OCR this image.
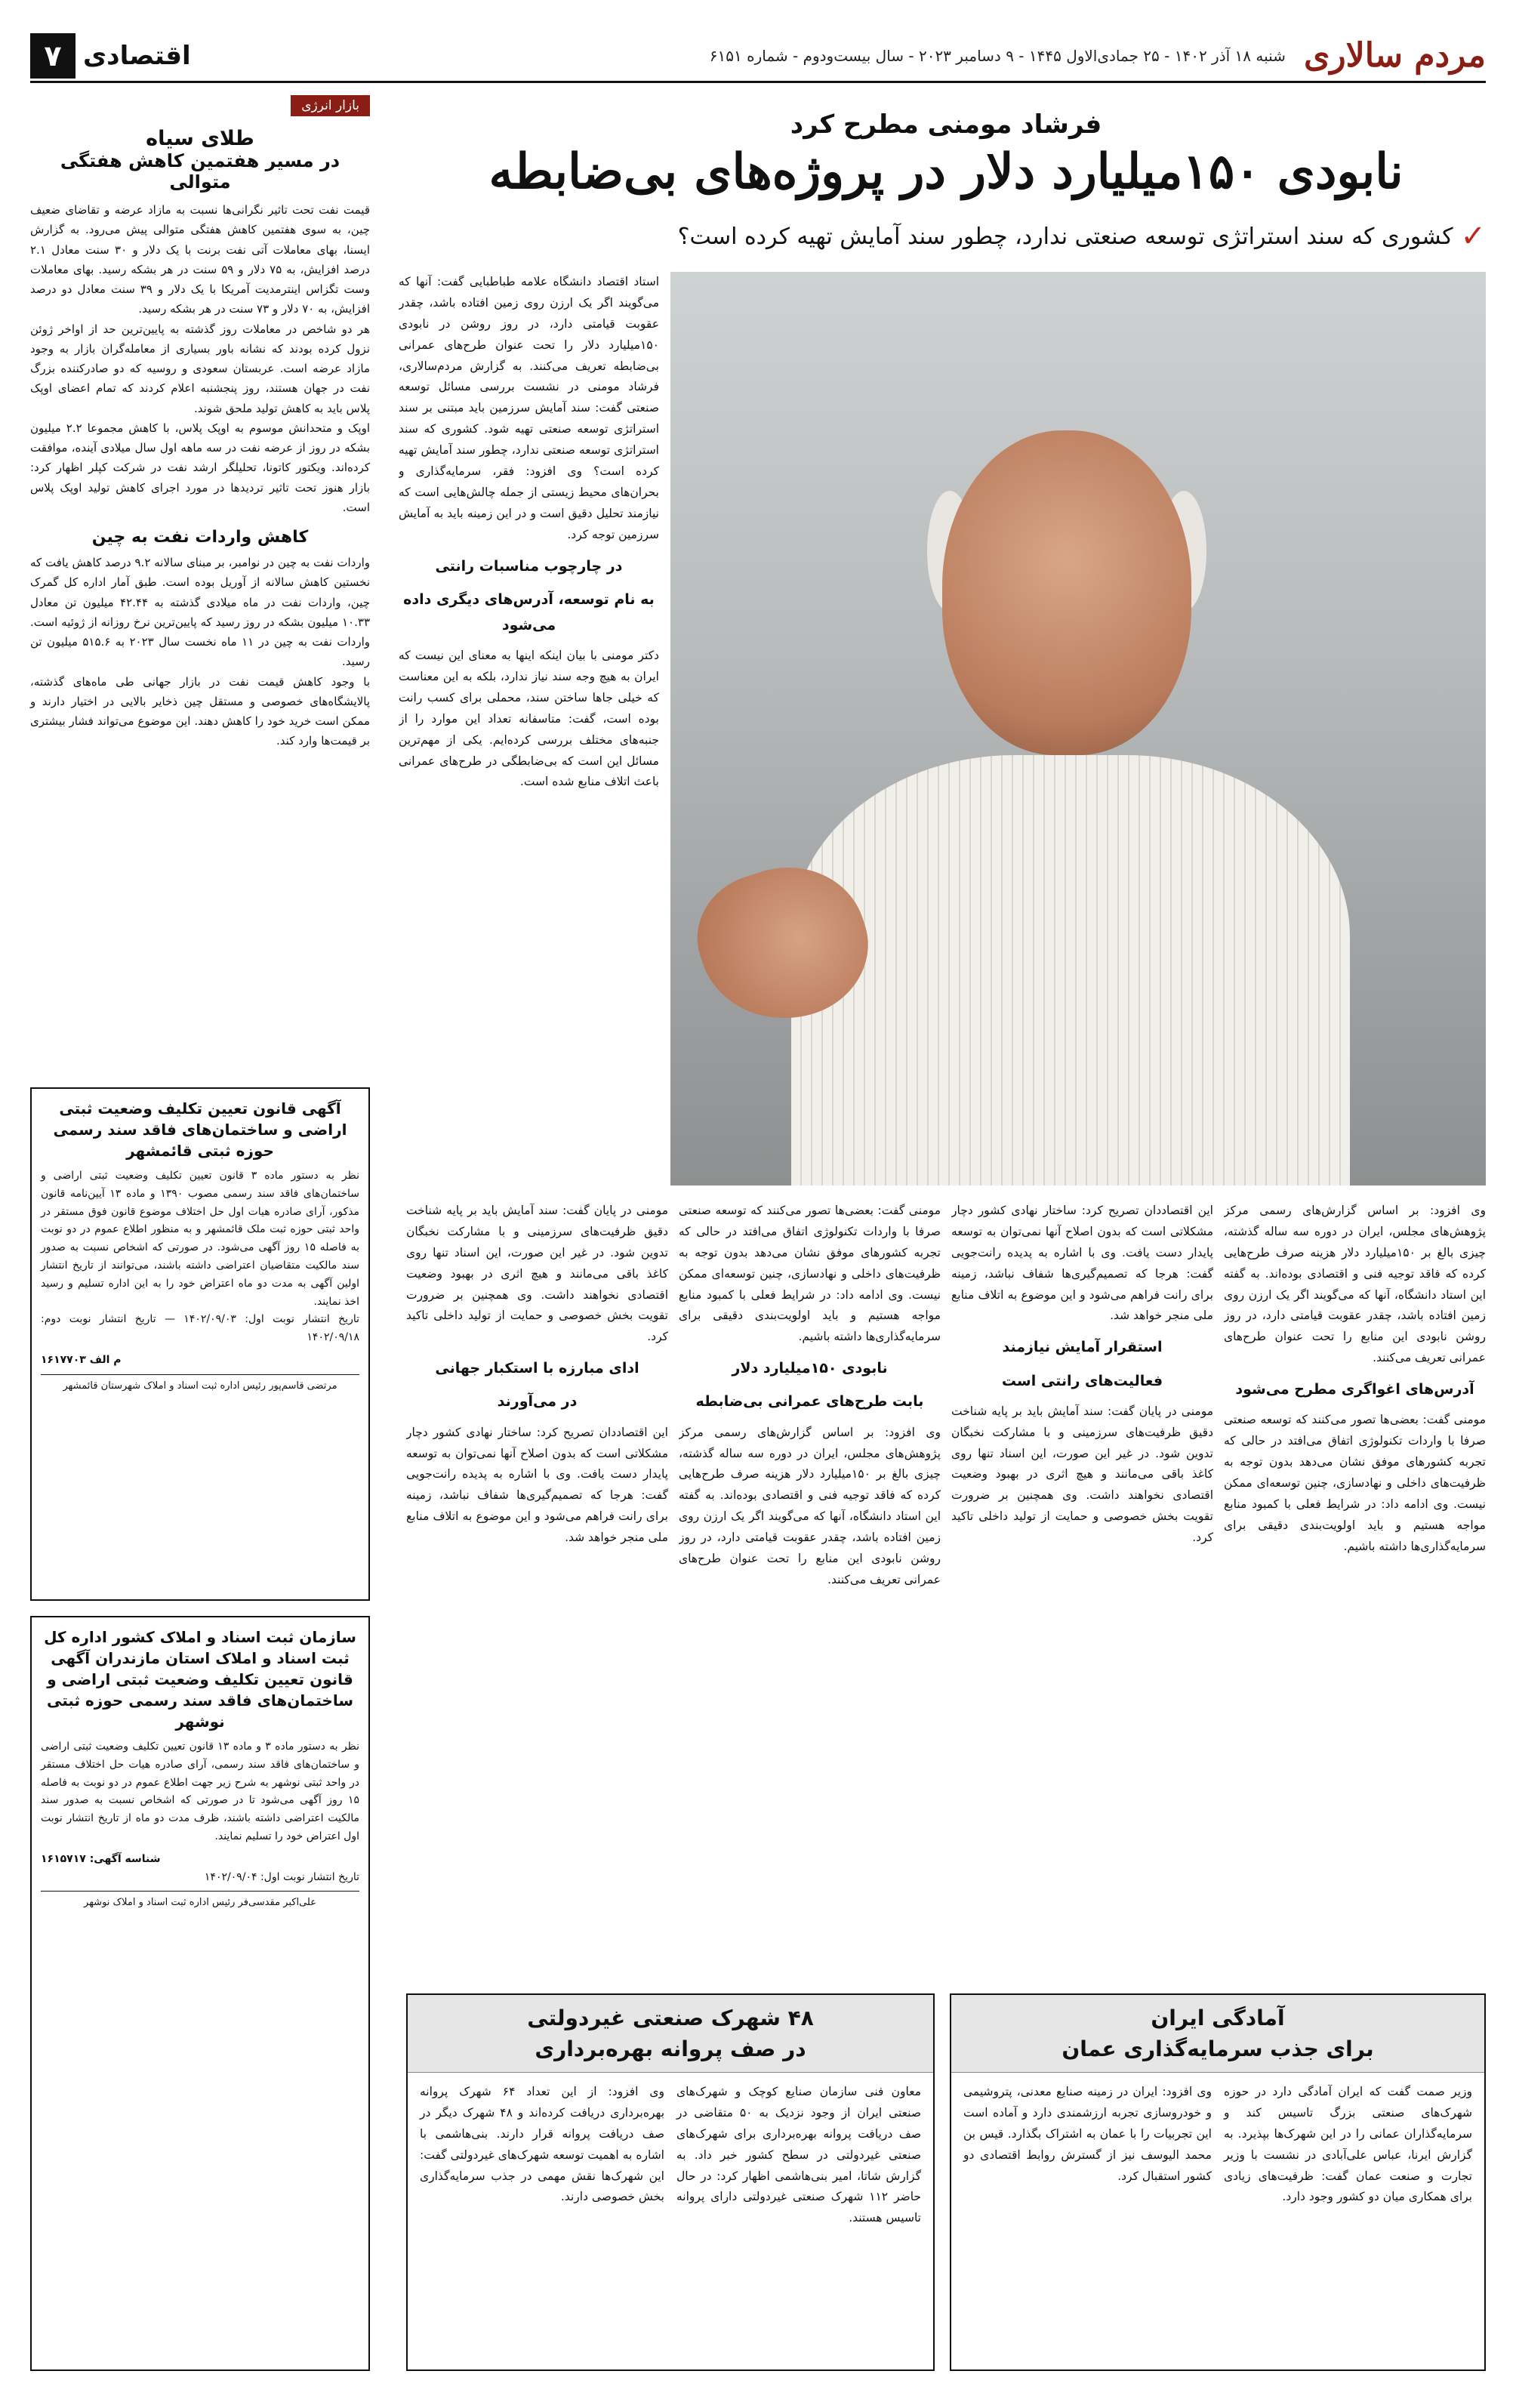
مردم سالاری
شنبه ۱۸ آذر ۱۴۰۲ - ۲۵ جمادی‌الاول ۱۴۴۵ - ۹ دسامبر ۲۰۲۳ - سال بیست‌ودوم - شماره ۶۱۵۱
اقتصادی
۷
فرشاد مومنی مطرح کرد
نابودی ۱۵۰میلیارد دلار در پروژه‌های بی‌ضابطه
✓
کشوری که سند استراتژی توسعه صنعتی ندارد، چطور سند آمایش تهیه کرده است؟

استاد اقتصاد دانشگاه علامه طباطبایی گفت: آنها که می‌گویند اگر یک ارزن روی زمین افتاده باشد، چقدر عقوبت قیامتی دارد، در روز روشن در نابودی ۱۵۰میلیارد دلار را تحت عنوان طرح‌های عمرانی بی‌ضابطه تعریف می‌کنند. به گزارش مردم‌سالاری، فرشاد مومنی در نشست بررسی مسائل توسعه صنعتی گفت: سند آمایش سرزمین باید مبتنی بر سند استراتژی توسعه صنعتی تهیه شود. کشوری که سند استراتژی توسعه صنعتی ندارد، چطور سند آمایش تهیه کرده است؟ وی افزود: فقر، سرمایه‌گذاری و بحران‌های محیط زیستی از جمله چالش‌هایی است که نیازمند تحلیل دقیق است و در این زمینه باید به آمایش سرزمین توجه کرد.

در چارچوب مناسبات رانتی

به نام توسعه، آدرس‌های دیگری داده می‌شود

دکتر مومنی با بیان اینکه اینها به معنای این نیست که ایران به هیچ وجه سند نیاز ندارد، بلکه به این معناست که خیلی جاها ساختن سند، محملی برای کسب رانت بوده است، گفت: متاسفانه تعداد این موارد را از جنبه‌های مختلف بررسی کرده‌ایم. یکی از مهم‌ترین مسائل این است که بی‌ضابطگی در طرح‌های عمرانی باعث اتلاف منابع شده است.

وی افزود: بر اساس گزارش‌های رسمی مرکز پژوهش‌های مجلس، ایران در دوره سه ساله گذشته، چیزی بالغ بر ۱۵۰میلیارد دلار هزینه صرف طرح‌هایی کرده که فاقد توجیه فنی و اقتصادی بوده‌اند. به گفته این استاد دانشگاه، آنها که می‌گویند اگر یک ارزن روی زمین افتاده باشد، چقدر عقوبت قیامتی دارد، در روز روشن نابودی این منابع را تحت عنوان طرح‌های عمرانی تعریف می‌کنند.

آدرس‌های اغواگری مطرح می‌شود

مومنی گفت: بعضی‌ها تصور می‌کنند که توسعه صنعتی صرفا با واردات تکنولوژی اتفاق می‌افتد در حالی که تجربه کشورهای موفق نشان می‌دهد بدون توجه به ظرفیت‌های داخلی و نهادسازی، چنین توسعه‌ای ممکن نیست. وی ادامه داد: در شرایط فعلی با کمبود منابع مواجه هستیم و باید اولویت‌بندی دقیقی برای سرمایه‌گذاری‌ها داشته باشیم.

این اقتصاددان تصریح کرد: ساختار نهادی کشور دچار مشکلاتی است که بدون اصلاح آنها نمی‌توان به توسعه پایدار دست یافت. وی با اشاره به پدیده رانت‌جویی گفت: هرجا که تصمیم‌گیری‌ها شفاف نباشد، زمینه برای رانت فراهم می‌شود و این موضوع به اتلاف منابع ملی منجر خواهد شد.

استقرار آمایش نیازمند

فعالیت‌های رانتی است

مومنی در پایان گفت: سند آمایش باید بر پایه شناخت دقیق ظرفیت‌های سرزمینی و با مشارکت نخبگان تدوین شود. در غیر این صورت، این اسناد تنها روی کاغذ باقی می‌مانند و هیچ اثری در بهبود وضعیت اقتصادی نخواهند داشت. وی همچنین بر ضرورت تقویت بخش خصوصی و حمایت از تولید داخلی تاکید کرد.

مومنی گفت: بعضی‌ها تصور می‌کنند که توسعه صنعتی صرفا با واردات تکنولوژی اتفاق می‌افتد در حالی که تجربه کشورهای موفق نشان می‌دهد بدون توجه به ظرفیت‌های داخلی و نهادسازی، چنین توسعه‌ای ممکن نیست. وی ادامه داد: در شرایط فعلی با کمبود منابع مواجه هستیم و باید اولویت‌بندی دقیقی برای سرمایه‌گذاری‌ها داشته باشیم.

نابودی ۱۵۰میلیارد دلار

بابت طرح‌های عمرانی بی‌ضابطه

وی افزود: بر اساس گزارش‌های رسمی مرکز پژوهش‌های مجلس، ایران در دوره سه ساله گذشته، چیزی بالغ بر ۱۵۰میلیارد دلار هزینه صرف طرح‌هایی کرده که فاقد توجیه فنی و اقتصادی بوده‌اند. به گفته این استاد دانشگاه، آنها که می‌گویند اگر یک ارزن روی زمین افتاده باشد، چقدر عقوبت قیامتی دارد، در روز روشن نابودی این منابع را تحت عنوان طرح‌های عمرانی تعریف می‌کنند.

مومنی در پایان گفت: سند آمایش باید بر پایه شناخت دقیق ظرفیت‌های سرزمینی و با مشارکت نخبگان تدوین شود. در غیر این صورت، این اسناد تنها روی کاغذ باقی می‌مانند و هیچ اثری در بهبود وضعیت اقتصادی نخواهند داشت. وی همچنین بر ضرورت تقویت بخش خصوصی و حمایت از تولید داخلی تاکید کرد.

ادای مبارزه با استکبار جهانی

در می‌آورند

این اقتصاددان تصریح کرد: ساختار نهادی کشور دچار مشکلاتی است که بدون اصلاح آنها نمی‌توان به توسعه پایدار دست یافت. وی با اشاره به پدیده رانت‌جویی گفت: هرجا که تصمیم‌گیری‌ها شفاف نباشد، زمینه برای رانت فراهم می‌شود و این موضوع به اتلاف منابع ملی منجر خواهد شد.

بازار انرژی
طلای سیاه
در مسیر هفتمین کاهش هفتگی متوالی

قیمت نفت تحت تاثیر نگرانی‌ها نسبت به مازاد عرضه و تقاضای ضعیف چین، به سوی هفتمین کاهش هفتگی متوالی پیش می‌رود. به گزارش ایسنا، بهای معاملات آتی نفت برنت با یک دلار و ۳۰ سنت معادل ۲.۱ درصد افزایش، به ۷۵ دلار و ۵۹ سنت در هر بشکه رسید. بهای معاملات وست تگزاس اینترمدیت آمریکا با یک دلار و ۳۹ سنت معادل دو درصد افزایش، به ۷۰ دلار و ۷۳ سنت در هر بشکه رسید.

هر دو شاخص در معاملات روز گذشته به پایین‌ترین حد از اواخر ژوئن نزول کرده بودند که نشانه باور بسیاری از معامله‌گران بازار به وجود مازاد عرضه است. عربستان سعودی و روسیه که دو صادرکننده بزرگ نفت در جهان هستند، روز پنجشنبه اعلام کردند که تمام اعضای اوپک پلاس باید به کاهش تولید ملحق شوند.

اوپک و متحدانش موسوم به اوپک پلاس، با کاهش مجموعا ۲.۲ میلیون بشکه در روز از عرضه نفت در سه ماهه اول سال میلادی آینده، موافقت کرده‌اند. ویکتور کاتونا، تحلیلگر ارشد نفت در شرکت کپلر اظهار کرد: بازار هنوز تحت تاثیر تردیدها در مورد اجرای کاهش تولید اوپک پلاس است.

کاهش واردات نفت به چین

واردات نفت به چین در نوامبر، بر مبنای سالانه ۹.۲ درصد کاهش یافت که نخستین کاهش سالانه از آوریل بوده است. طبق آمار اداره کل گمرک چین، واردات نفت در ماه میلادی گذشته به ۴۲.۴۴ میلیون تن معادل ۱۰.۳۳ میلیون بشکه در روز رسید که پایین‌ترین نرخ روزانه از ژوئیه است. واردات نفت به چین در ۱۱ ماه نخست سال ۲۰۲۳ به ۵۱۵.۶ میلیون تن رسید.

با وجود کاهش قیمت نفت در بازار جهانی طی ماه‌های گذشته، پالایشگاه‌های خصوصی و مستقل چین ذخایر بالایی در اختیار دارند و ممکن است خرید خود را کاهش دهند. این موضوع می‌تواند فشار بیشتری بر قیمت‌ها وارد کند.

آگهی قانون تعیین تکلیف وضعیت ثبتی اراضی و ساختمان‌های فاقد سند رسمی حوزه ثبتی قائمشهر

نظر به دستور ماده ۳ قانون تعیین تکلیف وضعیت ثبتی اراضی و ساختمان‌های فاقد سند رسمی مصوب ۱۳۹۰ و ماده ۱۳ آیین‌نامه قانون مذکور، آرای صادره هیات اول حل اختلاف موضوع قانون فوق مستقر در واحد ثبتی حوزه ثبت ملک قائمشهر و به منظور اطلاع عموم در دو نوبت به فاصله ۱۵ روز آگهی می‌شود. در صورتی که اشخاص نسبت به صدور سند مالکیت متقاضیان اعتراضی داشته باشند، می‌توانند از تاریخ انتشار اولین آگهی به مدت دو ماه اعتراض خود را به این اداره تسلیم و رسید اخذ نمایند.

تاریخ انتشار نوبت اول: ۱۴۰۲/۰۹/۰۳ — تاریخ انتشار نوبت دوم: ۱۴۰۲/۰۹/۱۸

م الف ۱۶۱۷۷۰۳

مرتضی قاسم‌پور رئیس اداره ثبت اسناد و املاک شهرستان قائمشهر
سازمان ثبت اسناد و املاک کشور اداره کل ثبت اسناد و املاک استان مازندران آگهی قانون تعیین تکلیف وضعیت ثبتی اراضی و ساختمان‌های فاقد سند رسمی حوزه ثبتی نوشهر

نظر به دستور ماده ۳ و ماده ۱۳ قانون تعیین تکلیف وضعیت ثبتی اراضی و ساختمان‌های فاقد سند رسمی، آرای صادره هیات حل اختلاف مستقر در واحد ثبتی نوشهر به شرح زیر جهت اطلاع عموم در دو نوبت به فاصله ۱۵ روز آگهی می‌شود تا در صورتی که اشخاص نسبت به صدور سند مالکیت اعتراضی داشته باشند، ظرف مدت دو ماه از تاریخ انتشار نوبت اول اعتراض خود را تسلیم نمایند.

شناسه آگهی: ۱۶۱۵۷۱۷

تاریخ انتشار نوبت اول: ۱۴۰۲/۰۹/۰۴

علی‌اکبر مقدسی‌فر رئیس اداره ثبت اسناد و املاک نوشهر
آمادگی ایران
برای جذب سرمایه‌گذاری عمان

وزیر صمت گفت که ایران آمادگی دارد در حوزه شهرک‌های صنعتی بزرگ تاسیس کند و سرمایه‌گذاران عمانی را در این شهرک‌ها بپذیرد. به گزارش ایرنا، عباس علی‌آبادی در نشست با وزیر تجارت و صنعت عمان گفت: ظرفیت‌های زیادی برای همکاری میان دو کشور وجود دارد.

وی افزود: ایران در زمینه صنایع معدنی، پتروشیمی و خودروسازی تجربه ارزشمندی دارد و آماده است این تجربیات را با عمان به اشتراک بگذارد. قیس بن محمد الیوسف نیز از گسترش روابط اقتصادی دو کشور استقبال کرد.

۴۸ شهرک صنعتی غیردولتی
در صف پروانه بهره‌برداری

معاون فنی سازمان صنایع کوچک و شهرک‌های صنعتی ایران از وجود نزدیک به ۵۰ متقاضی در صف دریافت پروانه بهره‌برداری برای شهرک‌های صنعتی غیردولتی در سطح کشور خبر داد. به گزارش شاتا، امیر بنی‌هاشمی اظهار کرد: در حال حاضر ۱۱۲ شهرک صنعتی غیردولتی دارای پروانه تاسیس هستند.

وی افزود: از این تعداد ۶۴ شهرک پروانه بهره‌برداری دریافت کرده‌اند و ۴۸ شهرک دیگر در صف دریافت پروانه قرار دارند. بنی‌هاشمی با اشاره به اهمیت توسعه شهرک‌های غیردولتی گفت: این شهرک‌ها نقش مهمی در جذب سرمایه‌گذاری بخش خصوصی دارند.
